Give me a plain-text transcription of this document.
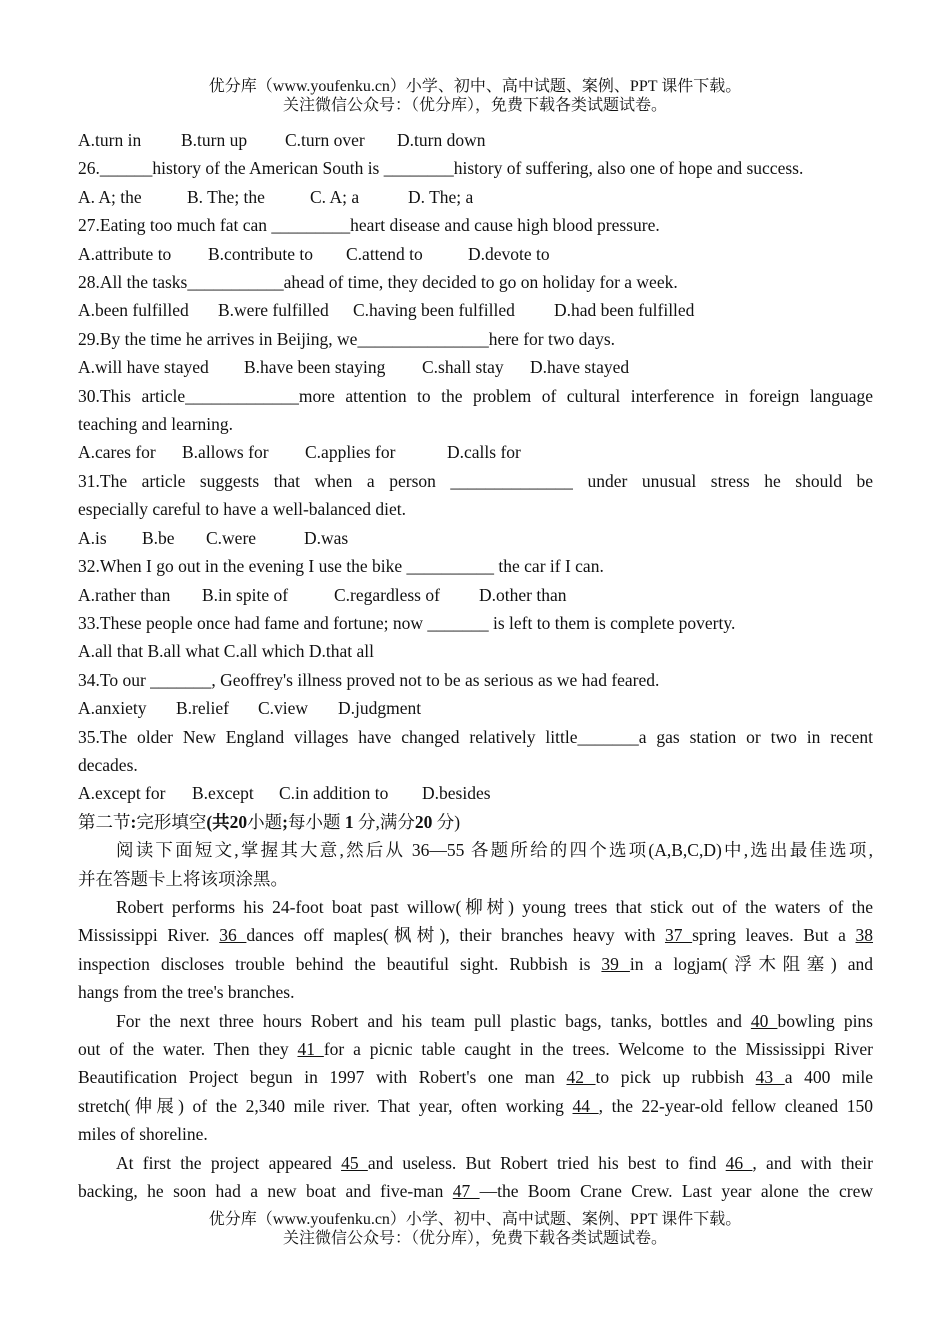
优分库（www.youfenku.cn）小学、初中、高中试题、案例、PPT 课件下载。
关注微信公众号：（优分库），免费下载各类试题试卷。
A.turn in B.turn up C.turn over D.turn down
26.______history of the American South is ________history of suffering, also one of hope and success.
A. A; the	B. The; the	C. A; a	D. The; a
27.Eating too much fat can _________heart disease and cause high blood pressure.
A.attribute to B.contribute to C.attend to	D.devote to
28.All the tasks___________ahead of time, they decided to go on holiday for a week.
A.been fulfilled B.were fulfilled C.having been fulfilled D.had been fulfilled
29.By the time he arrives in Beijing, we_______________here for two days.
A.will have stayed B.have been staying C.shall stay D.have stayed
30.This article_____________more attention to the problem of cultural interference in foreign language
teaching and learning.
A.cares for B.allows for C.applies for	D.calls for
31.The article suggests that when a person ______________ under unusual stress he should be
especially careful to have a well-balanced diet.
A.is B.be C.were	D.was
32.When I go out in the evening I use the bike __________ the car if I can.
A.rather than B.in spite of	C.regardless of D.other than
33.These people once had fame and fortune; now _______ is left to them is complete poverty.
A.all that B.all what C.all which D.that all
34.To our _______, Geoffrey's illness proved not to be as serious as we had feared.
A.anxiety B.relief C.view D.judgment
35.The older New England villages have changed relatively little_______a gas station or two in recent
decades.
A.except for B.except C.in addition to D.besides
第二节:完形填空(共20小题;每小题 1 分,满分20 分)
阅读下面短文,掌握其大意,然后从 36—55 各题所给的四个选项(A,B,C,D)中,选出最佳选项,
并在答题卡上将该项涂黑。
Robert performs his 24-foot boat past willow(柳树) young trees that stick out of the waters of the
Mississippi River. 36 dances off maples(枫树), their branches heavy with 37 spring leaves. But a 38
inspection discloses trouble behind the beautiful sight. Rubbish is 39 in a logjam(浮木阻塞) and
hangs from the tree's branches.
For the next three hours Robert and his team pull plastic bags, tanks, bottles and 40 bowling pins
out of the water. Then they 41 for a picnic table caught in the trees. Welcome to the Mississippi River
Beautification Project begun in 1997 with Robert's one man 42 to pick up rubbish 43 a 400 mile
stretch(伸展) of the 2,340 mile river. That year, often working 44 , the 22-year-old fellow cleaned 150
miles of shoreline.
At first the project appeared 45 and useless. But Robert tried his best to find 46 , and with their
backing, he soon had a new boat and five-man 47 —the Boom Crane Crew. Last year alone the crew
优分库（www.youfenku.cn）小学、初中、高中试题、案例、PPT 课件下载。
关注微信公众号：（优分库），免费下载各类试题试卷。
